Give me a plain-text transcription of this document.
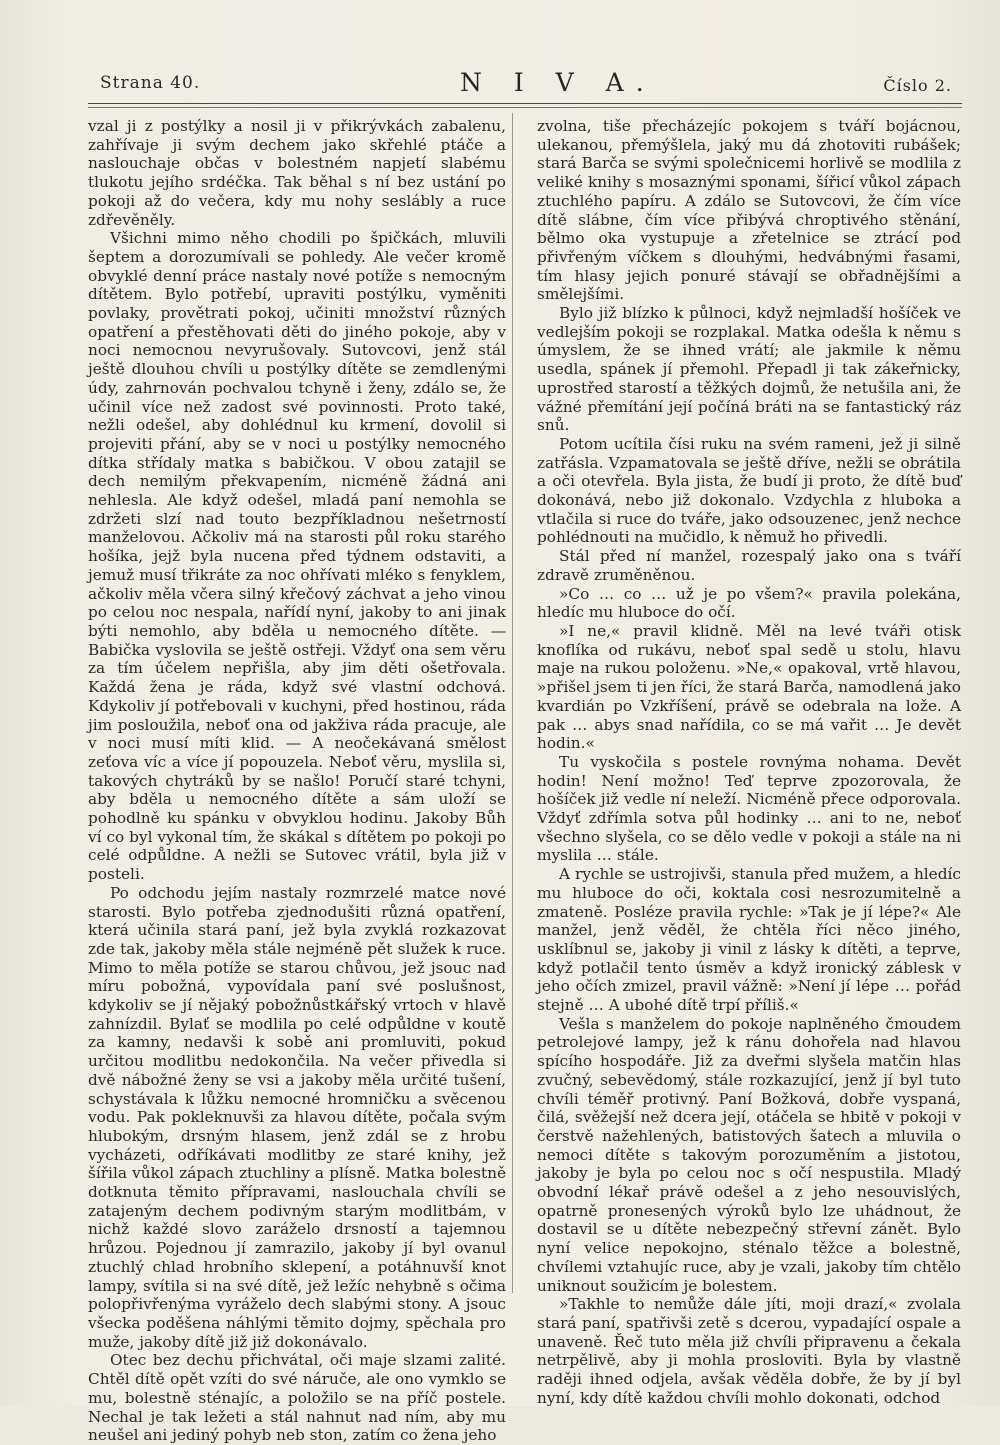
Strana 40.	N I V A.	Číslo 2.

vzal ji z postýlky a nosil ji v přikrývkách zabalenu, zahřívaje ji svým dechem jako skřehlé ptáče a naslouchaje občas v bolestném napjetí slabému tlukotu jejího srdéčka. Tak běhal s ní bez ustání po pokoji až do večera, kdy mu nohy seslábly a ruce zdřevěněly.

Všichni mimo něho chodili po špičkách, mluvili šeptem a dorozumívali se pohledy. Ale večer kromě obvyklé denní práce nastaly nové potíže s nemocným dítětem. Bylo potřebí, upraviti postýlku, vyměniti povlaky, provětrati pokoj, učiniti množství různých opatření a přestěhovati děti do jiného pokoje, aby v noci nemocnou nevyrušovaly. Sutovcovi, jenž stál ještě dlouhou chvíli u postýlky dítěte se zemdlenými údy, zahrnován pochvalou tchyně i ženy, zdálo se, že učinil více než zadost své povinnosti. Proto také, nežli odešel, aby dohlédnul ku krmení, dovolil si projeviti přání, aby se v noci u postýlky nemocného dítka střídaly matka s babičkou. V obou zatajil se dech nemilým překvapením, nicméně žádná ani nehlesla. Ale když odešel, mladá paní nemohla se zdržeti slzí nad touto bezpříkladnou nešetrností manželovou. Ačkoliv má na starosti půl roku starého hošíka, jejž byla nucena před týdnem odstaviti, a jemuž musí třikráte za noc ohřívati mléko s fenyklem, ačkoliv měla včera silný křečový záchvat a jeho vinou po celou noc nespala, nařídí nyní, jakoby to ani jinak býti nemohlo, aby bděla u nemocného dítěte. — Babička vyslovila se ještě ostřeji. Vždyť ona sem věru za tím účelem nepřišla, aby jim děti ošetřovala. Každá žena je ráda, když své vlastní odchová. Kdykoliv jí potřebovali v kuchyni, před hostinou, ráda jim posloužila, neboť ona od jakživa ráda pracuje, ale v noci musí míti klid. — A neočekávaná smělost zeťova víc a více jí popouzela. Neboť věru, myslila si, takových chytráků by se našlo! Poručí staré tchyni, aby bděla u nemocného dítěte a sám uloží se pohodlně ku spánku v obvyklou hodinu. Jakoby Bůh ví co byl vykonal tím, že skákal s dítětem po pokoji po celé odpůldne. A nežli se Sutovec vrátil, byla již v posteli.

Po odchodu jejím nastaly rozmrzelé matce nové starosti. Bylo potřeba zjednodušiti různá opatření, která učinila stará paní, jež byla zvyklá rozkazovat zde tak, jakoby měla stále nejméně pět služek k ruce. Mimo to měla potíže se starou chůvou, jež jsouc nad míru pobožná, vypovídala paní své poslušnost, kdykoliv se jí nějaký pobožnůstkářský vrtoch v hlavě zahnízdil. Bylať se modlila po celé odpůldne v koutě za kamny, nedavši k sobě ani promluviti, pokud určitou modlitbu nedokončila. Na večer přivedla si dvě nábožné ženy se vsi a jakoby měla určité tušení, schystávala k lůžku nemocné hromničku a svěcenou vodu. Pak pokleknuvši za hlavou dítěte, počala svým hlubokým, drsným hlasem, jenž zdál se z hrobu vycházeti, odříkávati modlitby ze staré knihy, jež šířila vůkol zápach ztuchliny a plísně. Matka bolestně dotknuta těmito přípravami, naslouchala chvíli se zatajeným dechem podivným starým modlitbám, v nichž každé slovo zaráželo drsností a tajemnou hrůzou. Pojednou jí zamrazilo, jakoby jí byl ovanul ztuchlý chlad hrobního sklepení, a potáhnuvší knot lampy, svítila si na své dítě, jež ležíc nehybně s očima polopřivřenýma vyráželo dech slabými stony. A jsouc všecka poděšena náhlými těmito dojmy, spěchala pro muže, jakoby dítě již již dokonávalo.

Otec bez dechu přichvátal, oči maje slzami zalité. Chtěl dítě opět vzíti do své náruče, ale ono vymklo se mu, bolestně sténajíc, a položilo se na příč postele. Nechal je tak ležeti a stál nahnut nad ním, aby mu neušel ani jediný pohyb neb ston, zatím co žena jeho

zvolna, tiše přecházejíc pokojem s tváří bojácnou, ulekanou, přemýšlela, jaký mu dá zhotoviti rubášek; stará Barča se svými společnicemi horlivě se modlila z veliké knihy s mosaznými sponami, šířicí vůkol zápach ztuchlého papíru. A zdálo se Sutovcovi, že čím více dítě slábne, čím více přibývá chroptivého stěnání, bělmo oka vystupuje a zřetelnice se ztrácí pod přivřeným víčkem s dlouhými, hedvábnými řasami, tím hlasy jejich ponuré stávají se obřadnějšími a smělejšími.

Bylo již blízko k půlnoci, když nejmladší hošíček ve vedlejším pokoji se rozplakal. Matka odešla k němu s úmyslem, že se ihned vrátí; ale jakmile k němu usedla, spánek jí přemohl. Přepadl ji tak zákeřnicky, uprostřed starostí a těžkých dojmů, že netušila ani, že vážné přemítání její počíná bráti na se fantastický ráz snů.

Potom ucítila čísi ruku na svém rameni, jež ji silně zatřásla. Vzpamatovala se ještě dříve, nežli se obrátila a oči otevřela. Byla jista, že budí ji proto, že dítě buď dokonává, nebo již dokonalo. Vzdychla z hluboka a vtlačila si ruce do tváře, jako odsouzenec, jenž nechce pohlédnouti na mučidlo, k němuž ho přivedli.

Stál před ní manžel, rozespalý jako ona s tváří zdravě zruměněnou.

»Co … co … už je po všem?« pravila polekána, hledíc mu hluboce do očí.

»I ne,« pravil klidně. Měl na levé tváři otisk knoflíka od rukávu, neboť spal sedě u stolu, hlavu maje na rukou položenu. »Ne,« opakoval, vrtě hlavou, »přišel jsem ti jen říci, že stará Barča, namodlená jako kvardián po Vzkříšení, právě se odebrala na lože. A pak … abys snad nařídila, co se má vařit … Je devět hodin.«

Tu vyskočila s postele rovnýma nohama. Devět hodin! Není možno! Teď teprve zpozorovala, že hošíček již vedle ní neleží. Nicméně přece odporovala. Vždyť zdřímla sotva půl hodinky … ani to ne, neboť všechno slyšela, co se dělo vedle v pokoji a stále na ni myslila … stále.

A rychle se ustrojivši, stanula před mužem, a hledíc mu hluboce do oči, koktala cosi nesrozumitelně a zmateně. Posléze pravila rychle: »Tak je jí lépe?« Ale manžel, jenž věděl, že chtěla říci něco jiného, usklíbnul se, jakoby ji vinil z lásky k dítěti, a teprve, když potlačil tento úsměv a když ironický záblesk v jeho očích zmizel, pravil vážně: »Není jí lépe … pořád stejně … A ubohé dítě trpí příliš.«

Vešla s manželem do pokoje naplněného čmoudem petrolejové lampy, jež k ránu dohořela nad hlavou spícího hospodáře. Již za dveřmi slyšela matčin hlas zvučný, sebevědomý, stále rozkazující, jenž jí byl tuto chvíli téměř protivný. Paní Božková, dobře vyspaná, čilá, svěžejší než dcera její, otáčela se hbitě v pokoji v čerstvě nažehlených, batistových šatech a mluvila o nemoci dítěte s takovým porozuměním a jistotou, jakoby je byla po celou noc s očí nespustila. Mladý obvodní lékař právě odešel a z jeho nesouvislých, opatrně pronesených výroků bylo lze uhádnout, že dostavil se u dítěte nebezpečný střevní zánět. Bylo nyní velice nepokojno, sténalo těžce a bolestně, chvílemi vztahujíc ruce, aby je vzali, jakoby tím chtělo uniknout soužicím je bolestem.

»Takhle to nemůže dále jíti, moji drazí,« zvolala stará paní, spatřivši zetě s dcerou, vypadající ospale a unaveně. Řeč tuto měla již chvíli připravenu a čekala netrpělivě, aby ji mohla prosloviti. Byla by vlastně raději ihned odjela, avšak věděla dobře, že by jí byl nyní, kdy dítě každou chvíli mohlo dokonati, odchod
